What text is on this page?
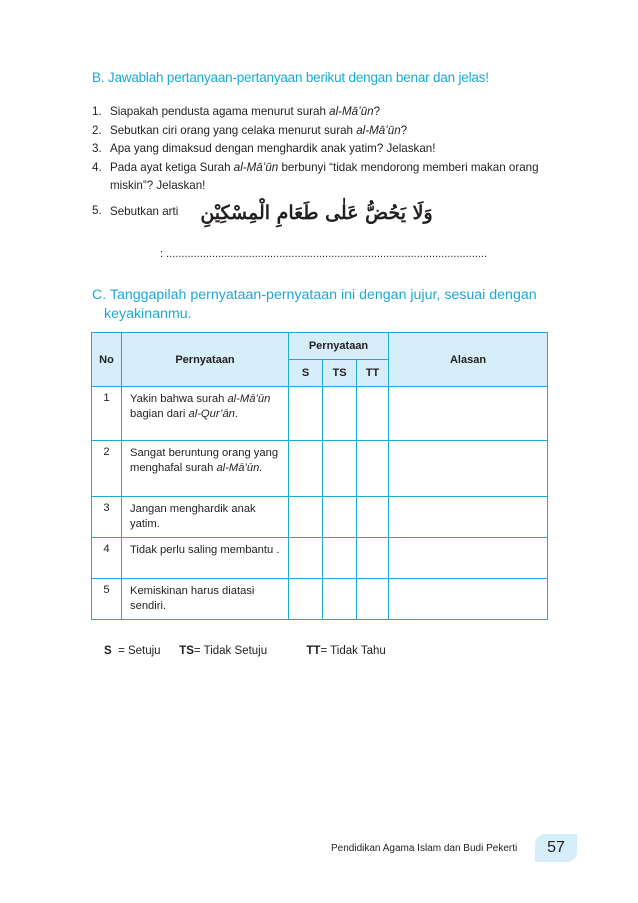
B. Jawablah pertanyaan-pertanyaan berikut dengan benar dan jelas!
1. Siapakah pendusta agama menurut surah al-Mā’ūn?
2. Sebutkan ciri orang yang celaka menurut surah al-Mā’ūn?
3. Apa yang dimaksud dengan menghardik anak yatim? Jelaskan!
4. Pada ayat ketiga Surah al-Mā’ūn berbunyi “tidak mendorong memberi makan orang miskin”? Jelaskan!
5. Sebutkan arti وَلَا يَحُضُّ عَلٰى طَعَامِ الْمِسْكِيْنِ
: .........................................................................................................
C. Tanggapilah pernyataan-pernyataan ini dengan jujur, sesuai dengan
keyakinanmu.
No	Pernyataan	Pernyataan			Alasan
		S	TS	TT	
1	Yakin bahwa surah al-Mā’ūn bagian dari al-Qur’ān.				
2	Sangat beruntung orang yang menghafal surah al-Mā’ūn.				
3	Jangan menghardik anak yatim.				
4	Tidak perlu saling membantu .				
5	Kemiskinan harus diatasi sendiri.				
S = Setuju TS= Tidak Setuju	TT= Tidak Tahu
Pendidikan Agama Islam dan Budi Pekerti	57
